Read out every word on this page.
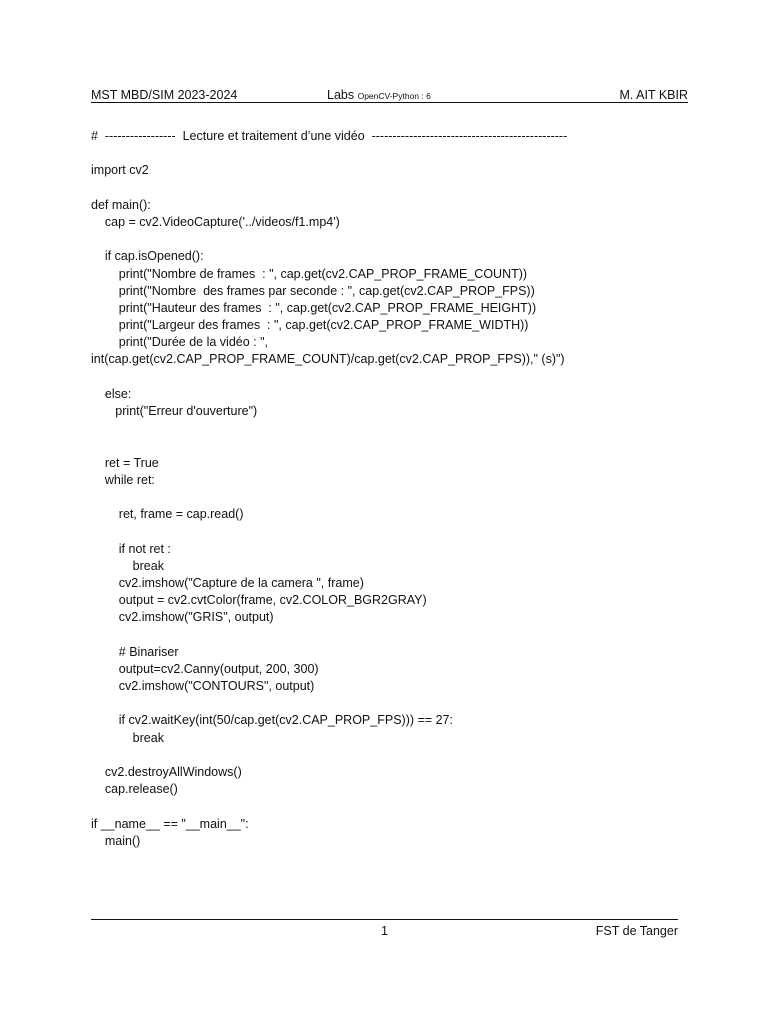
MST MBD/SIM 2023-2024	Labs OpenCV-Python : 6	M. AIT KBIR
#  -----------------  Lecture et traitement d’une vidéo  -----------------------------------------------
import cv2
def main():
cap = cv2.VideoCapture('../videos/f1.mp4')
if cap.isOpened():
print("Nombre de frames  : ", cap.get(cv2.CAP_PROP_FRAME_COUNT))
print("Nombre  des frames par seconde : ", cap.get(cv2.CAP_PROP_FPS))
print("Hauteur des frames  : ", cap.get(cv2.CAP_PROP_FRAME_HEIGHT))
print("Largeur des frames  : ", cap.get(cv2.CAP_PROP_FRAME_WIDTH))
print("Durée de la vidéo : ",
int(cap.get(cv2.CAP_PROP_FRAME_COUNT)/cap.get(cv2.CAP_PROP_FPS))," (s)")
else:
print("Erreur d'ouverture")
ret = True
while ret:
ret, frame = cap.read()
if not ret :
break
cv2.imshow("Capture de la camera ", frame)
output = cv2.cvtColor(frame, cv2.COLOR_BGR2GRAY)
cv2.imshow("GRIS", output)
# Binariser
output=cv2.Canny(output, 200, 300)
cv2.imshow("CONTOURS", output)
if cv2.waitKey(int(50/cap.get(cv2.CAP_PROP_FPS))) == 27:
break
cv2.destroyAllWindows()
cap.release()
if __name__ == "__main__":
main()
1	FST de Tanger
